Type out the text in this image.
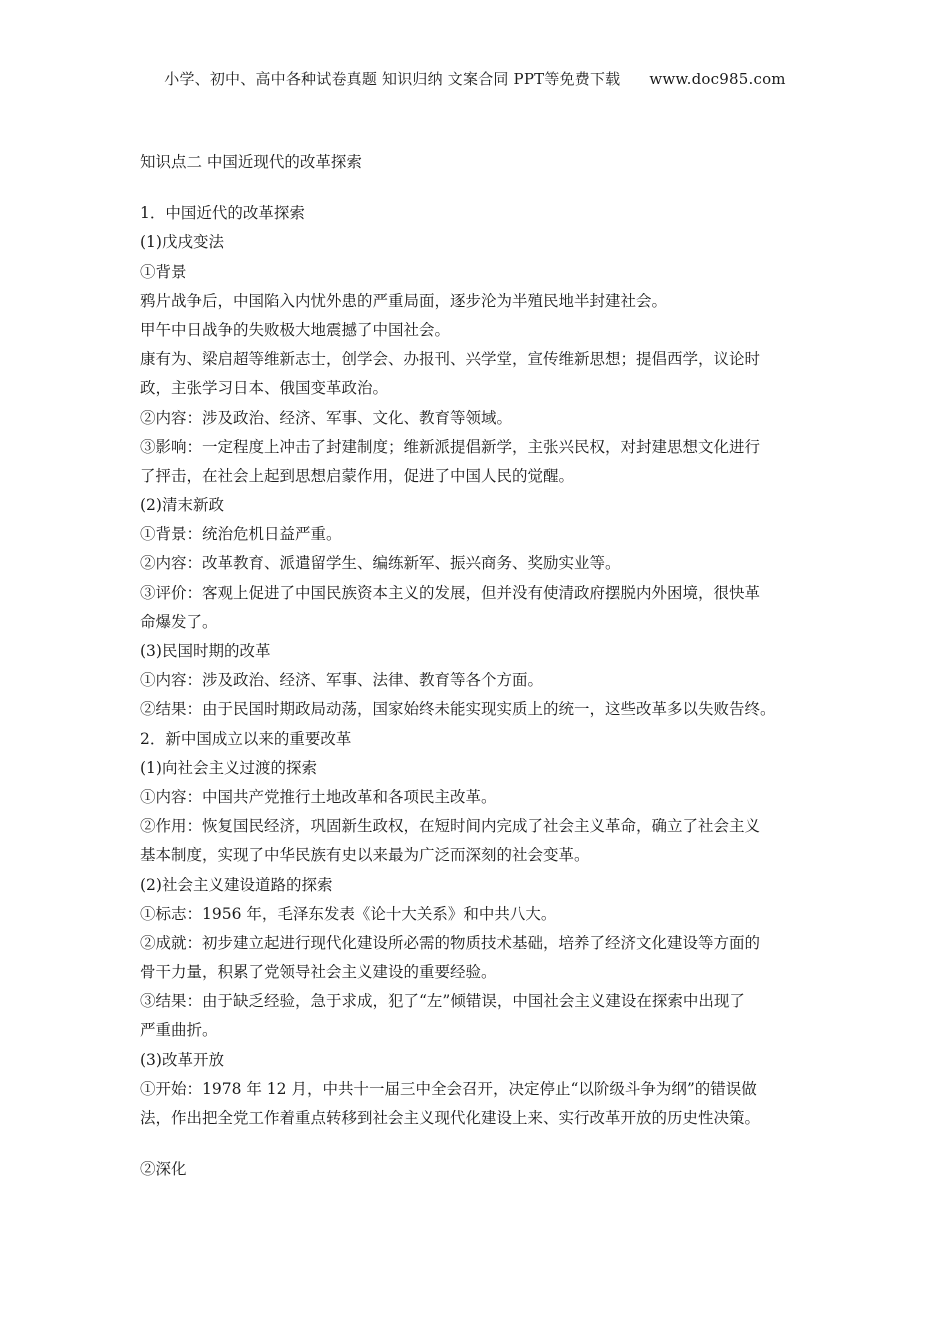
小学、初中、高中各种试卷真题 知识归纳 文案合同 PPT等免费下载 www.doc985.com
知识点二 中国近现代的改革探索
1．中国近代的改革探索
(1)戊戌变法
①背景
鸦片战争后，中国陷入内忧外患的严重局面，逐步沦为半殖民地半封建社会。
甲午中日战争的失败极大地震撼了中国社会。
康有为、梁启超等维新志士，创学会、办报刊、兴学堂，宣传维新思想；提倡西学，议论时
政，主张学习日本、俄国变革政治。
②内容：涉及政治、经济、军事、文化、教育等领域。
③影响：一定程度上冲击了封建制度；维新派提倡新学，主张兴民权，对封建思想文化进行
了抨击，在社会上起到思想启蒙作用，促进了中国人民的觉醒。
(2)清末新政
①背景：统治危机日益严重。
②内容：改革教育、派遣留学生、编练新军、振兴商务、奖励实业等。
③评价：客观上促进了中国民族资本主义的发展，但并没有使清政府摆脱内外困境，很快革
命爆发了。
(3)民国时期的改革
①内容：涉及政治、经济、军事、法律、教育等各个方面。
②结果：由于民国时期政局动荡，国家始终未能实现实质上的统一，这些改革多以失败告终。
2．新中国成立以来的重要改革
(1)向社会主义过渡的探索
①内容：中国共产党推行土地改革和各项民主改革。
②作用：恢复国民经济，巩固新生政权，在短时间内完成了社会主义革命，确立了社会主义
基本制度，实现了中华民族有史以来最为广泛而深刻的社会变革。
(2)社会主义建设道路的探索
①标志：1956 年，毛泽东发表《论十大关系》和中共八大。
②成就：初步建立起进行现代化建设所必需的物质技术基础，培养了经济文化建设等方面的
骨干力量，积累了党领导社会主义建设的重要经验。
③结果：由于缺乏经验，急于求成，犯了“左”倾错误，中国社会主义建设在探索中出现了
严重曲折。
(3)改革开放
①开始：1978 年 12 月，中共十一届三中全会召开，决定停止“以阶级斗争为纲”的错误做
法，作出把全党工作着重点转移到社会主义现代化建设上来、实行改革开放的历史性决策。
②深化
